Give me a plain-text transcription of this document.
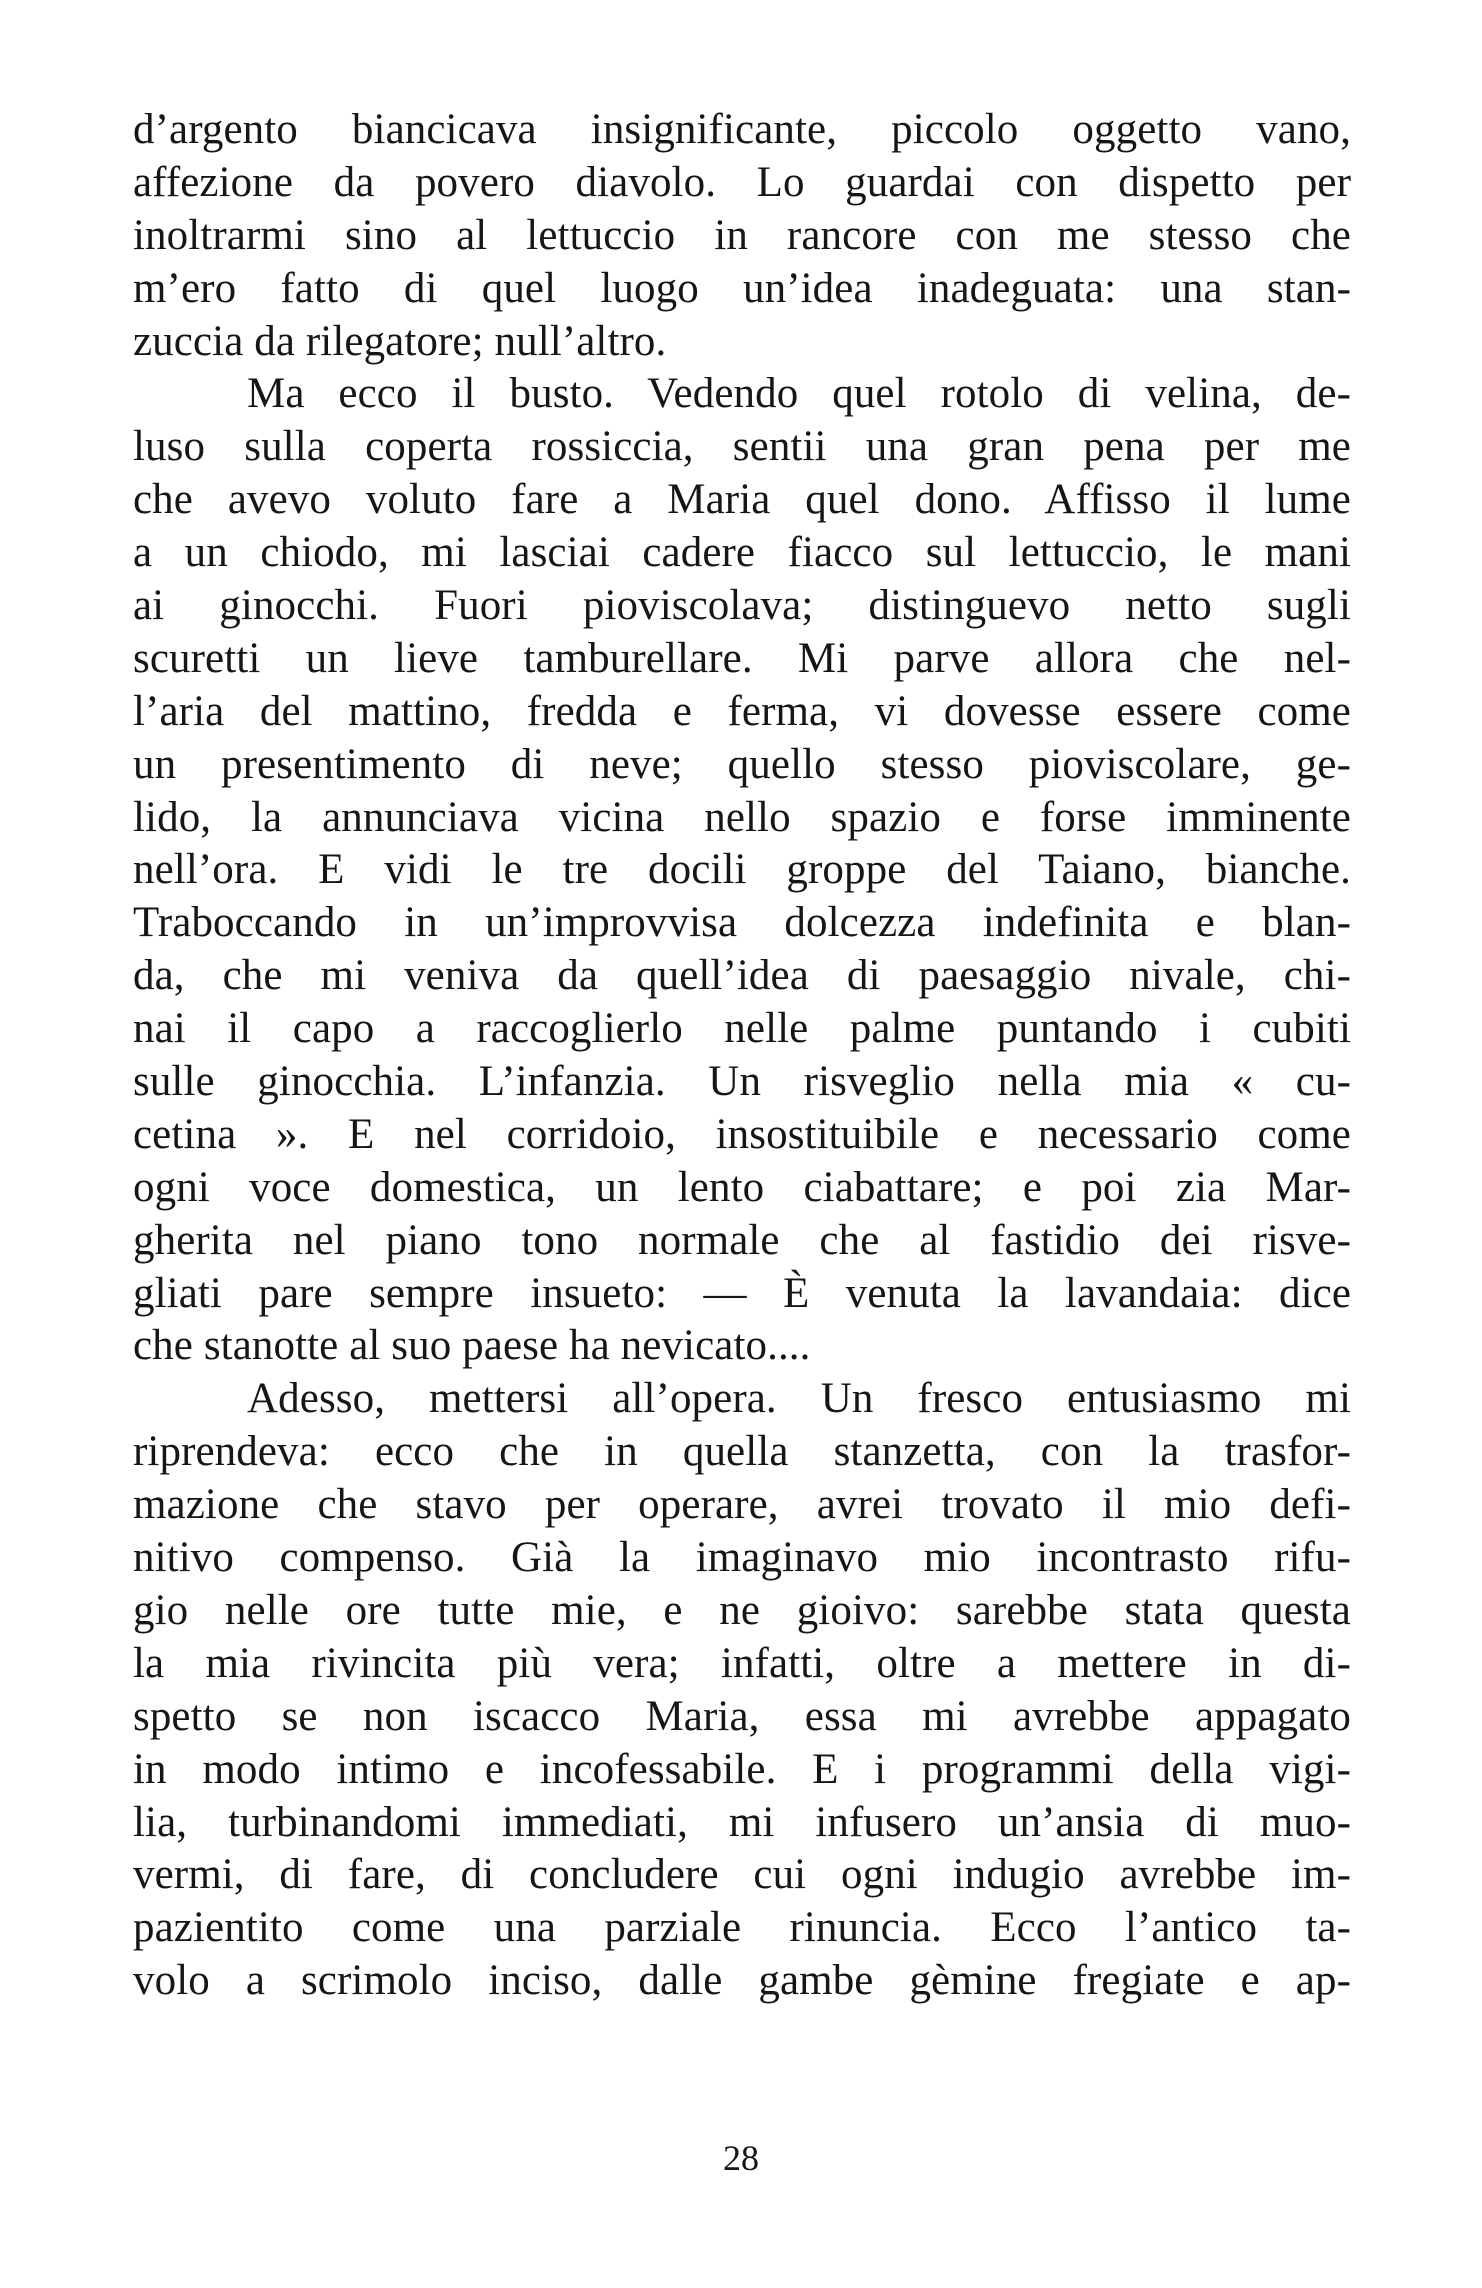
d’argento biancicava insignificante, piccolo oggetto vano,
affezione da povero diavolo. Lo guardai con dispetto per
inoltrarmi sino al lettuccio in rancore con me stesso che
m’ero fatto di quel luogo un’idea inadeguata: una stan-
zuccia da rilegatore; null’altro.
Ma ecco il busto. Vedendo quel rotolo di velina, de-
luso sulla coperta rossiccia, sentii una gran pena per me
che avevo voluto fare a Maria quel dono. Affisso il lume
a un chiodo, mi lasciai cadere fiacco sul lettuccio, le mani
ai ginocchi. Fuori pioviscolava; distinguevo netto sugli
scuretti un lieve tamburellare. Mi parve allora che nel-
l’aria del mattino, fredda e ferma, vi dovesse essere come
un presentimento di neve; quello stesso pioviscolare, ge-
lido, la annunciava vicina nello spazio e forse imminente
nell’ora. E vidi le tre docili groppe del Taiano, bianche.
Traboccando in un’improvvisa dolcezza indefinita e blan-
da, che mi veniva da quell’idea di paesaggio nivale, chi-
nai il capo a raccoglierlo nelle palme puntando i cubiti
sulle ginocchia. L’infanzia. Un risveglio nella mia « cu-
cetina ». E nel corridoio, insostituibile e necessario come
ogni voce domestica, un lento ciabattare; e poi zia Mar-
gherita nel piano tono normale che al fastidio dei risve-
gliati pare sempre insueto: — È venuta la lavandaia: dice
che stanotte al suo paese ha nevicato....
Adesso, mettersi all’opera. Un fresco entusiasmo mi
riprendeva: ecco che in quella stanzetta, con la trasfor-
mazione che stavo per operare, avrei trovato il mio defi-
nitivo compenso. Già la imaginavo mio incontrasto rifu-
gio nelle ore tutte mie, e ne gioivo: sarebbe stata questa
la mia rivincita più vera; infatti, oltre a mettere in di-
spetto se non iscacco Maria, essa mi avrebbe appagato
in modo intimo e incofessabile. E i programmi della vigi-
lia, turbinandomi immediati, mi infusero un’ansia di muo-
vermi, di fare, di concludere cui ogni indugio avrebbe im-
pazientito come una parziale rinuncia. Ecco l’antico ta-
volo a scrimolo inciso, dalle gambe gèmine fregiate e ap-
28
